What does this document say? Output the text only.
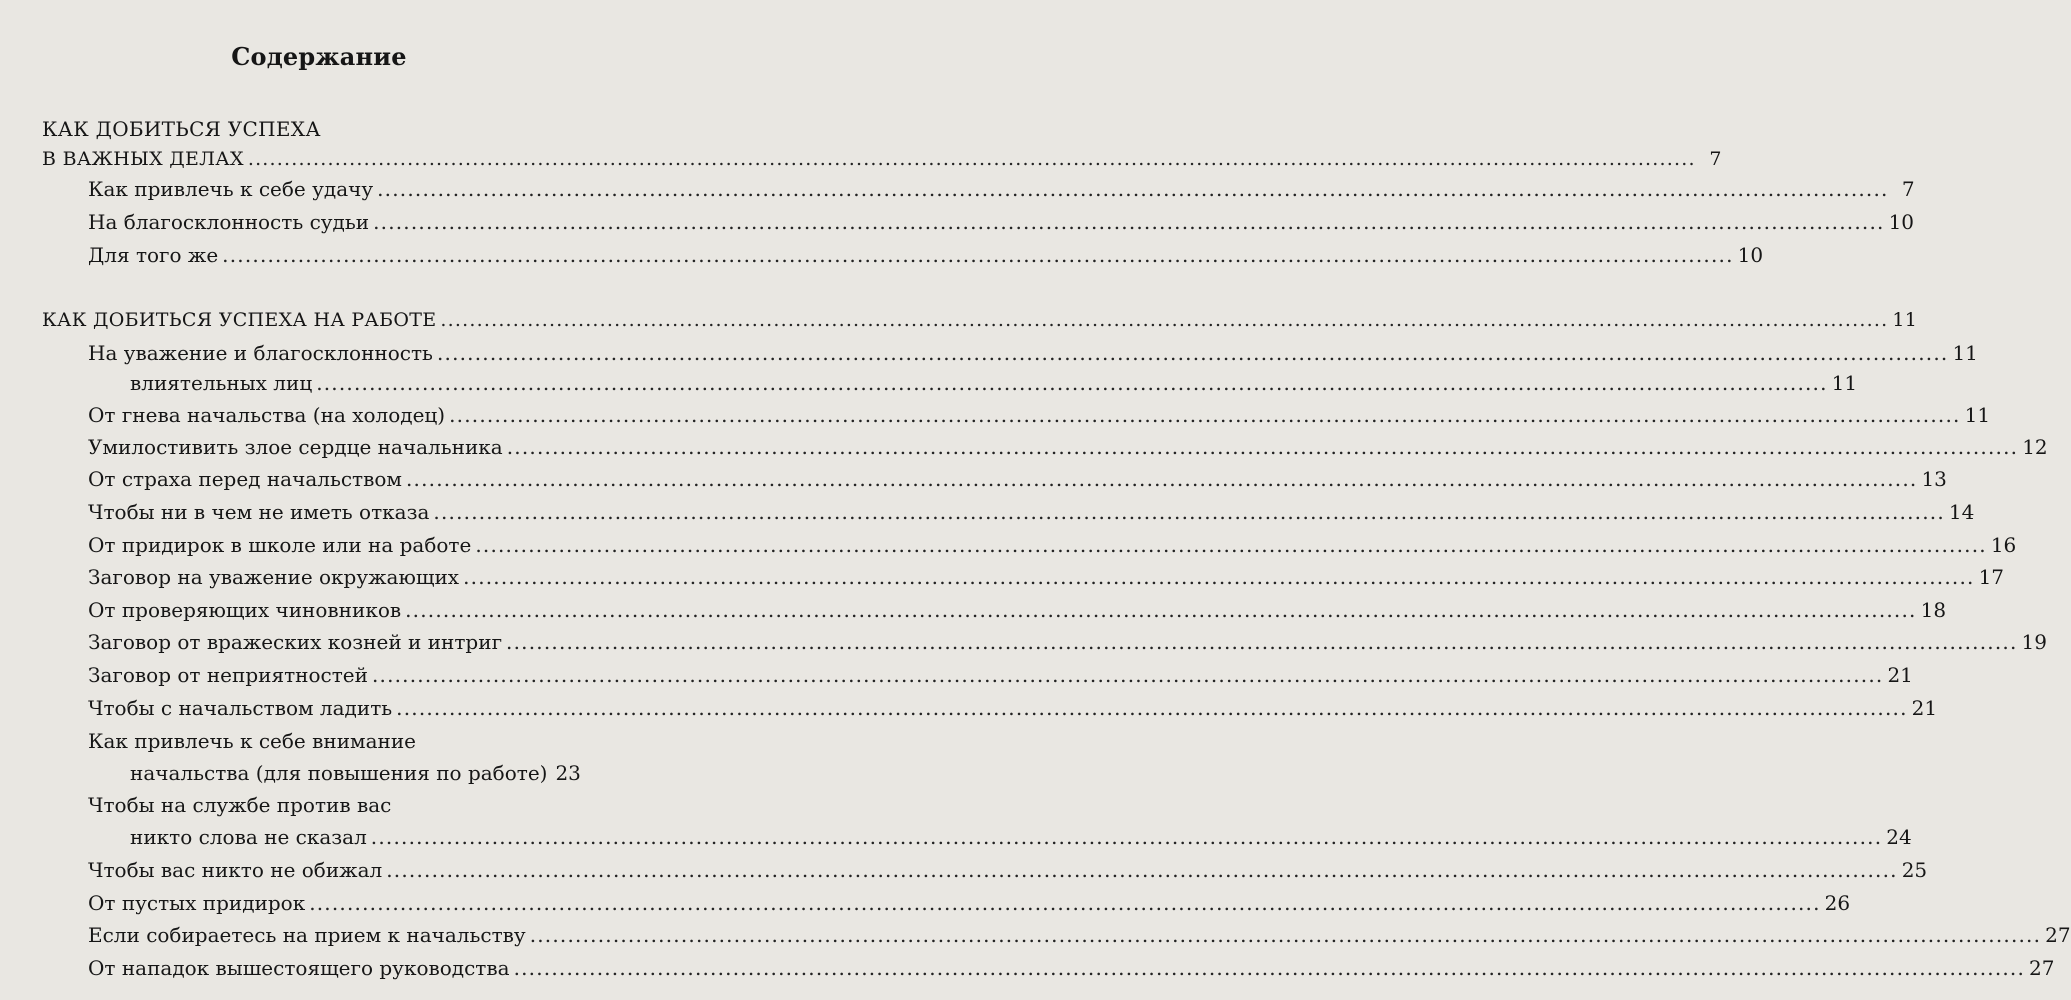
Содержание
КАК ДОБИТЬСЯ УСПЕХА
В ВАЖНЫХ ДЕЛАХ ........................................................................................................................................................................................................ 7
Как привлечь к себе удачу ........................................................................................................................................................................................................ 7
На благосклонность судьи ........................................................................................................................................................................................................ 10
Для того же ........................................................................................................................................................................................................ 10
КАК ДОБИТЬСЯ УСПЕХА НА РАБОТЕ ........................................................................................................................................................................................................ 11
На уважение и благосклонность ........................................................................................................................................................................................................ 11
влиятельных лиц ........................................................................................................................................................................................................ 11
От гнева начальства (на холодец) ........................................................................................................................................................................................................ 11
Умилостивить злое сердце начальника ........................................................................................................................................................................................................ 12
От страха перед начальством ........................................................................................................................................................................................................ 13
Чтобы ни в чем не иметь отказа ........................................................................................................................................................................................................ 14
От придирок в школе или на работе ........................................................................................................................................................................................................ 16
Заговор на уважение окружающих ........................................................................................................................................................................................................ 17
От проверяющих чиновников ........................................................................................................................................................................................................ 18
Заговор от вражеских козней и интриг ........................................................................................................................................................................................................ 19
Заговор от неприятностей ........................................................................................................................................................................................................ 21
Чтобы с начальством ладить ........................................................................................................................................................................................................ 21
Как привлечь к себе внимание
начальства (для повышения по работе) 23
Чтобы на службе против вас
никто слова не сказал ........................................................................................................................................................................................................ 24
Чтобы вас никто не обижал ........................................................................................................................................................................................................ 25
От пустых придирок ........................................................................................................................................................................................................ 26
Если собираетесь на прием к начальству ........................................................................................................................................................................................................ 27
От нападок вышестоящего руководства ........................................................................................................................................................................................................ 27
